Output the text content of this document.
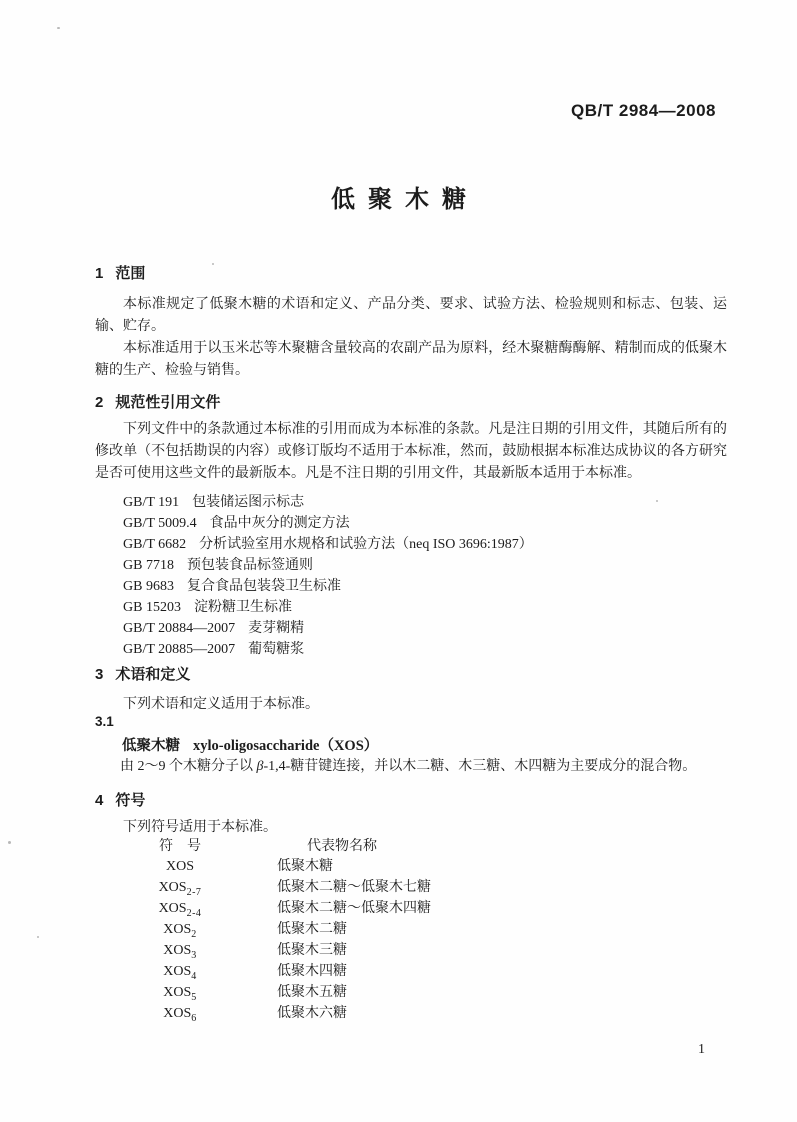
QB/T 2984—2008
低聚木糖
1 范围
本标准规定了低聚木糖的术语和定义、产品分类、要求、试验方法、检验规则和标志、包装、运输、贮存。
本标准适用于以玉米芯等木聚糖含量较高的农副产品为原料，经木聚糖酶酶解、精制而成的低聚木糖的生产、检验与销售。
2 规范性引用文件
下列文件中的条款通过本标准的引用而成为本标准的条款。凡是注日期的引用文件，其随后所有的修改单（不包括勘误的内容）或修订版均不适用于本标准，然而，鼓励根据本标准达成协议的各方研究是否可使用这些文件的最新版本。凡是不注日期的引用文件，其最新版本适用于本标准。
GB/T 191 包装储运图示标志
GB/T 5009.4 食品中灰分的测定方法
GB/T 6682 分析试验室用水规格和试验方法（neq ISO 3696:1987）
GB 7718 预包装食品标签通则
GB 9683 复合食品包装袋卫生标准
GB 15203 淀粉糖卫生标准
GB/T 20884—2007 麦芽糊精
GB/T 20885—2007 葡萄糖浆
3 术语和定义
下列术语和定义适用于本标准。
3.1
低聚木糖 xylo-oligosaccharide（XOS）
由 2～9 个木糖分子以 β-1,4-糖苷键连接，并以木二糖、木三糖、木四糖为主要成分的混合物。
4 符号
下列符号适用于本标准。
符　号	代表物名称
XOS	低聚木糖
$XOS_{2-7}$	低聚木二糖～低聚木七糖
$XOS_{2-4}$	低聚木二糖～低聚木四糖
$XOS_2$	低聚木二糖
$XOS_3$	低聚木三糖
$XOS_4$	低聚木四糖
$XOS_5$	低聚木五糖
$XOS_6$	低聚木六糖
1
